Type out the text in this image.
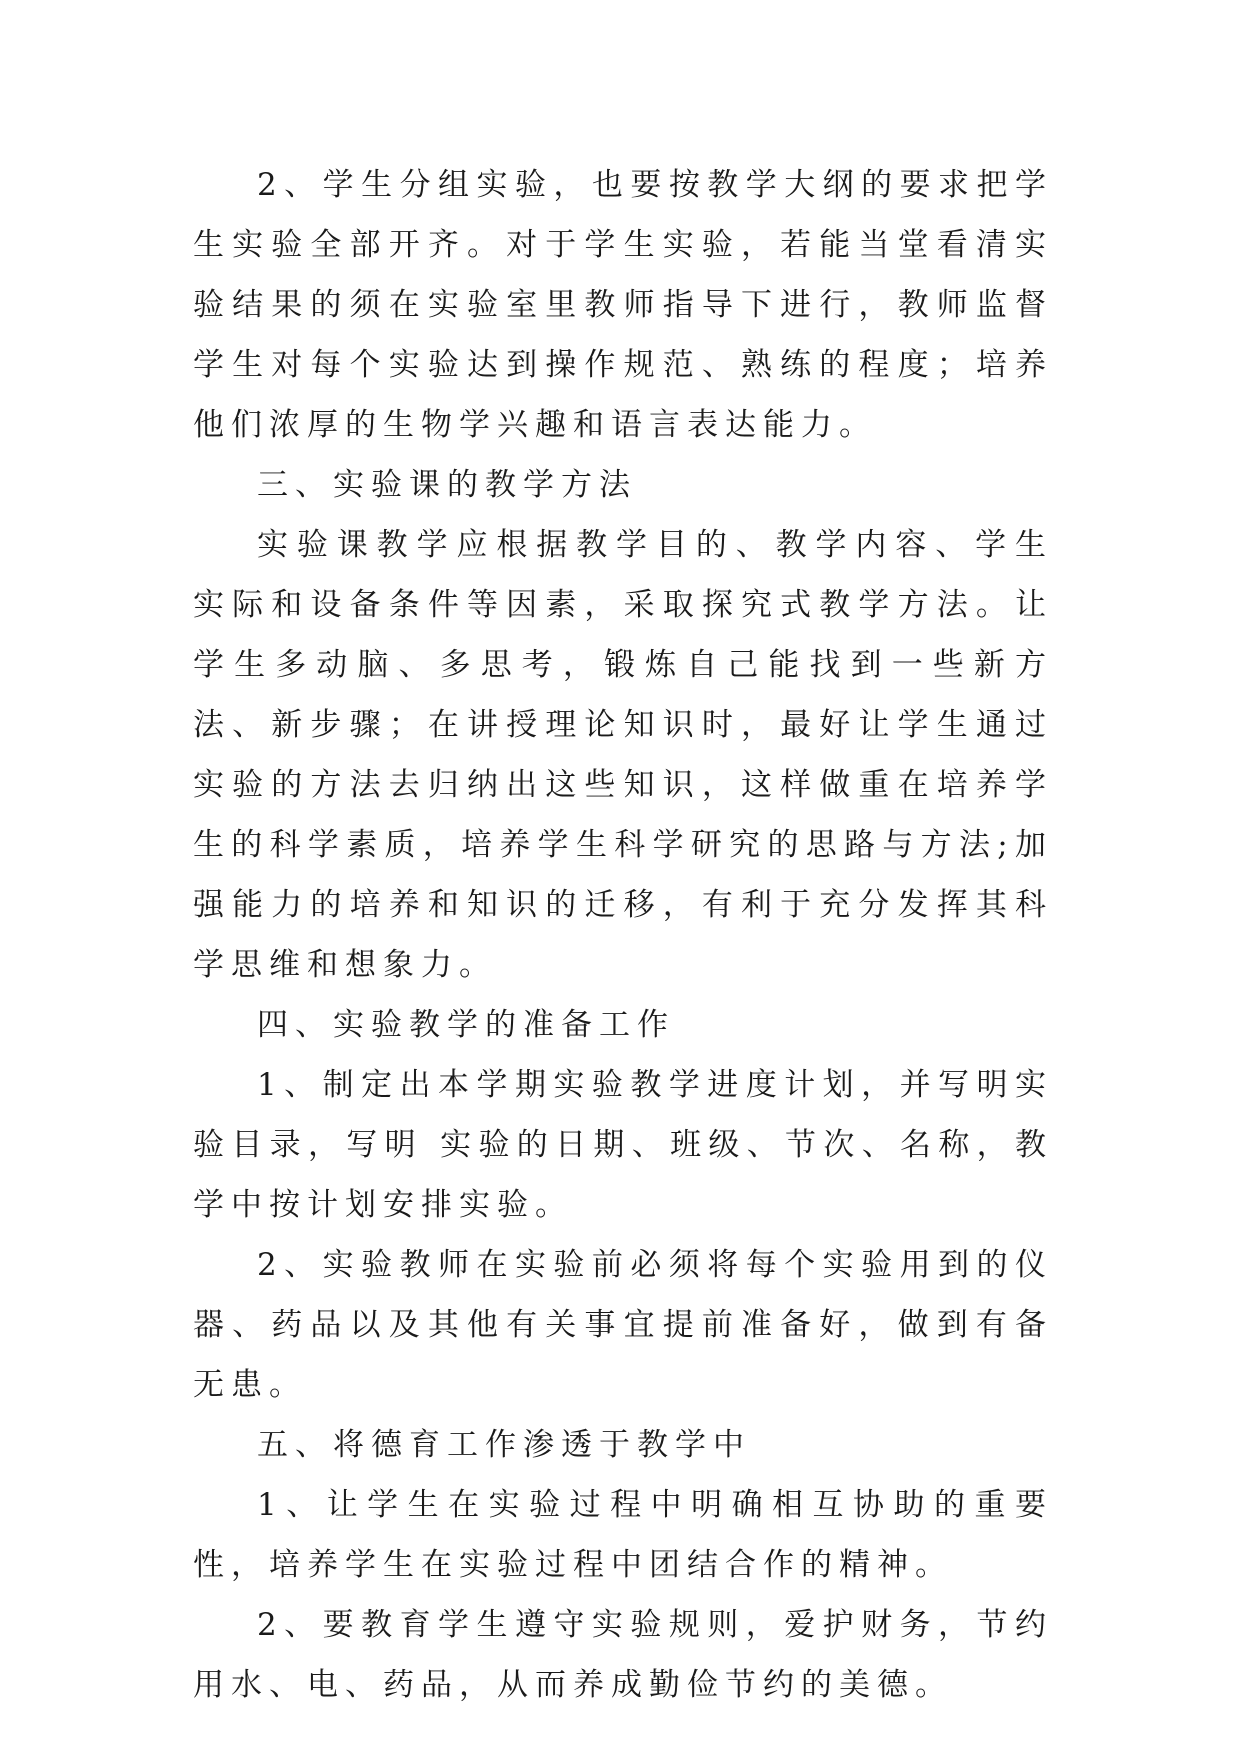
2、学生分组实验，也要按教学大纲的要求把学生实验全部开齐。对于学生实验，若能当堂看清实验结果的须在实验室里教师指导下进行，教师监督学生对每个实验达到操作规范、熟练的程度；培养他们浓厚的生物学兴趣和语言表达能力。

三、实验课的教学方法

实验课教学应根据教学目的、教学内容、学生实际和设备条件等因素，采取探究式教学方法。让学生多动脑、多思考，锻炼自己能找到一些新方法、新步骤；在讲授理论知识时，最好让学生通过实验的方法去归纳出这些知识，这样做重在培养学生的科学素质，培养学生科学研究的思路与方法;加强能力的培养和知识的迁移，有利于充分发挥其科学思维和想象力。

四、实验教学的准备工作

1、制定出本学期实验教学进度计划，并写明实验目录，写明 实验的日期、班级、节次、名称，教学中按计划安排实验。

2、实验教师在实验前必须将每个实验用到的仪器、药品以及其他有关事宜提前准备好，做到有备无患。

五、将德育工作渗透于教学中

1、让学生在实验过程中明确相互协助的重要性，培养学生在实验过程中团结合作的精神。

2、要教育学生遵守实验规则，爱护财务，节约用水、电、药品，从而养成勤俭节约的美德。
